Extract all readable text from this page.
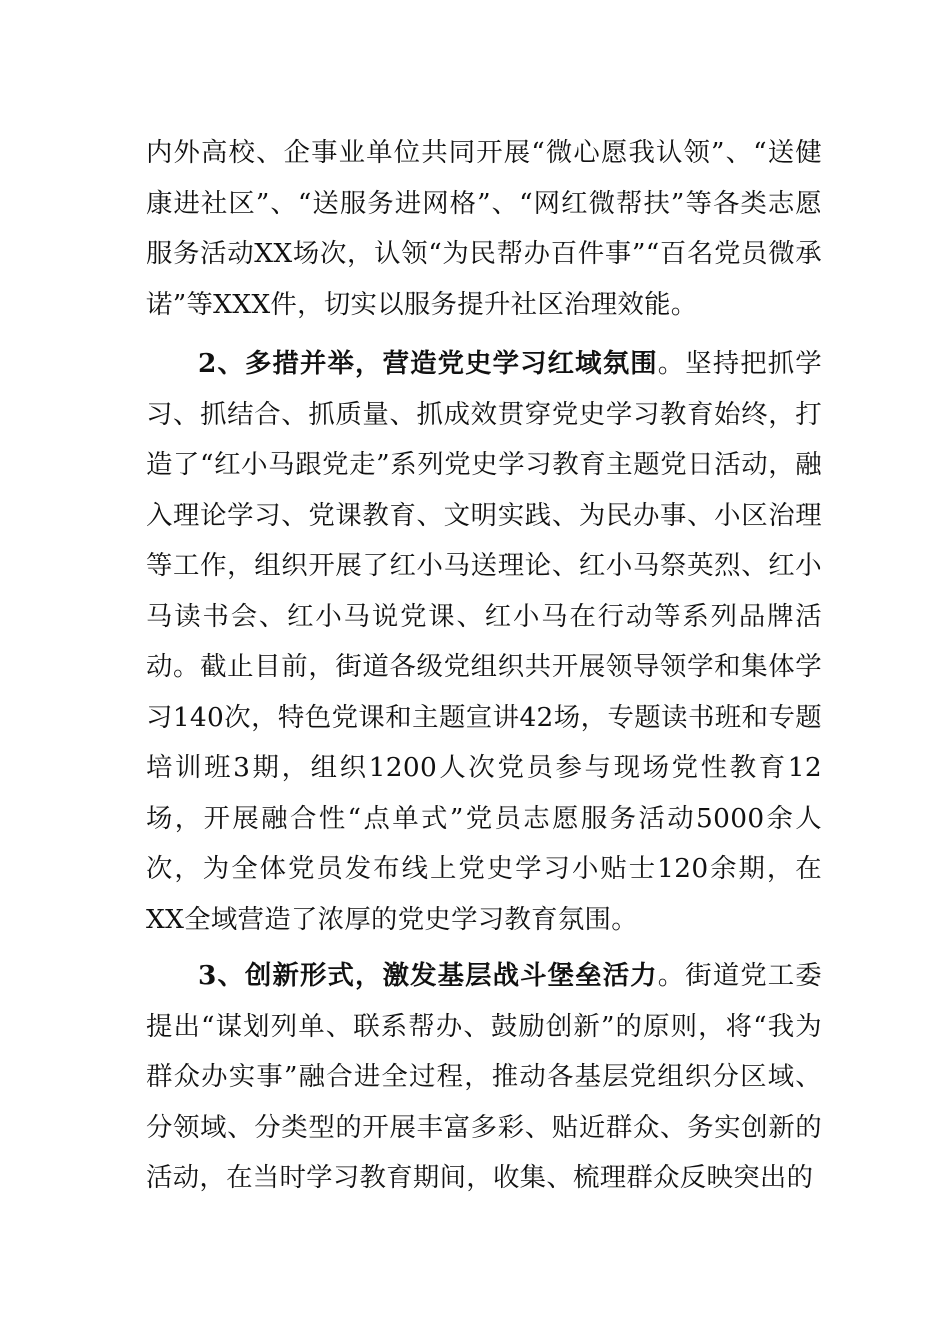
内外高校、企事业单位共同开展“微心愿我认领”、“送健康进社区”、“送服务进网格”、“网红微帮扶”等各类志愿服务活动XX场次，认领“为民帮办百件事”“百名党员微承诺”等XXX件，切实以服务提升社区治理效能。

2、多措并举，营造党史学习红域氛围。坚持把抓学习、抓结合、抓质量、抓成效贯穿党史学习教育始终，打造了“红小马跟党走”系列党史学习教育主题党日活动，融入理论学习、党课教育、文明实践、为民办事、小区治理等工作，组织开展了红小马送理论、红小马祭英烈、红小马读书会、红小马说党课、红小马在行动等系列品牌活动。截止目前，街道各级党组织共开展领导领学和集体学习140次，特色党课和主题宣讲42场，专题读书班和专题培训班3期，组织1200人次党员参与现场党性教育12场，开展融合性“点单式”党员志愿服务活动5000余人次，为全体党员发布线上党史学习小贴士120余期，在XX全域营造了浓厚的党史学习教育氛围。

3、创新形式，激发基层战斗堡垒活力。街道党工委提出“谋划列单、联系帮办、鼓励创新”的原则，将“我为群众办实事”融合进全过程，推动各基层党组织分区域、分领域、分类型的开展丰富多彩、贴近群众、务实创新的活动，在当时学习教育期间，收集、梳理群众反映突出的
